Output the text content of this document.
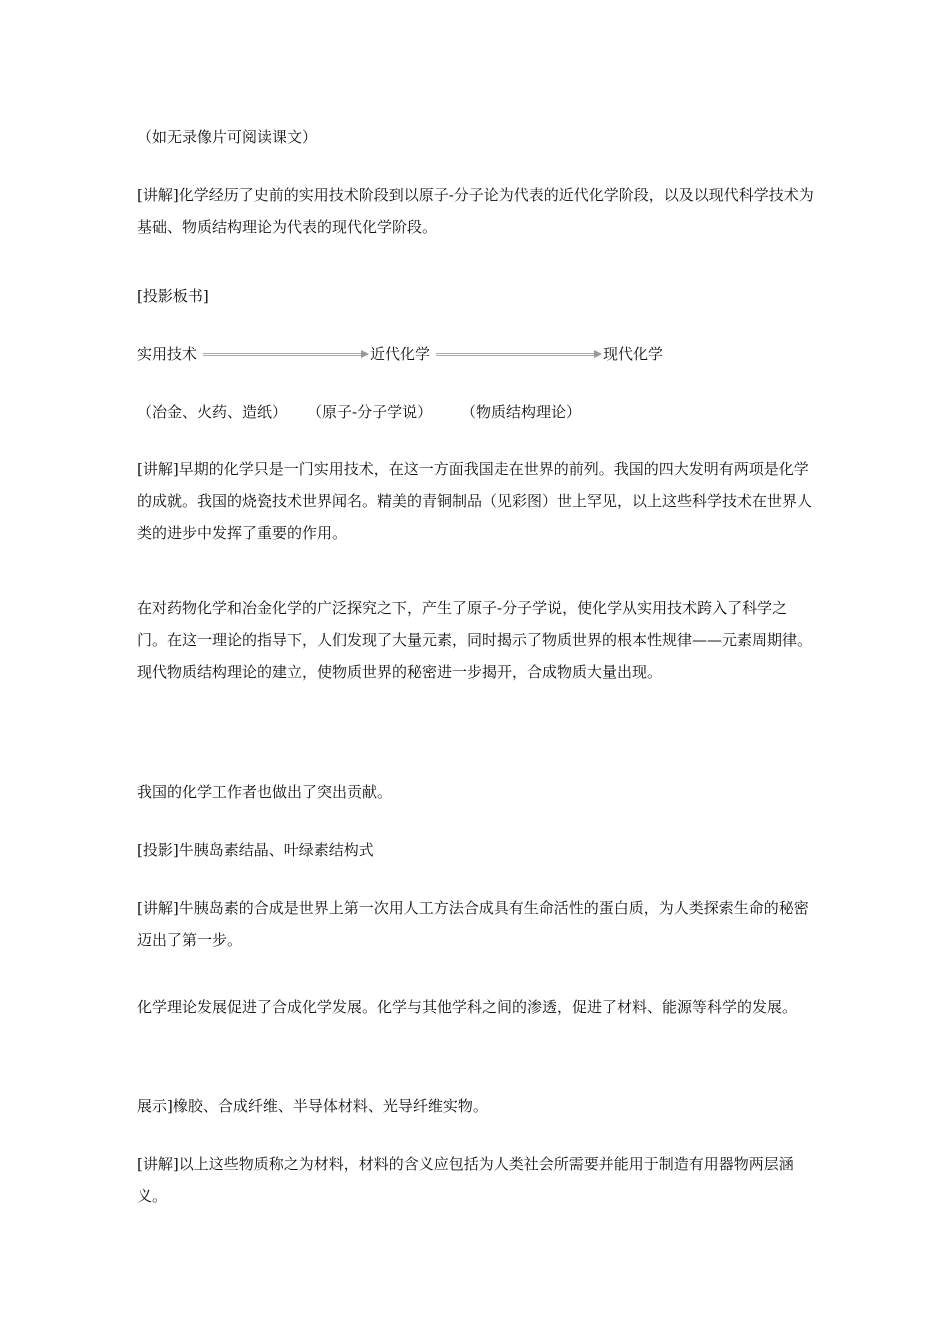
（如无录像片可阅读课文）

[讲解]化学经历了史前的实用技术阶段到以原子-分子论为代表的近代化学阶段，以及以现代科学技术为基础、物质结构理论为代表的现代化学阶段。

[投影板书]

实用技术	近代化学	现代化学
（冶金、火药、造纸） （原子-分子学说） （物质结构理论）

[讲解]早期的化学只是一门实用技术，在这一方面我国走在世界的前列。我国的四大发明有两项是化学的成就。我国的烧瓷技术世界闻名。精美的青铜制品（见彩图）世上罕见，以上这些科学技术在世界人类的进步中发挥了重要的作用。

在对药物化学和冶金化学的广泛探究之下，产生了原子-分子学说，使化学从实用技术跨入了科学之门。在这一理论的指导下，人们发现了大量元素，同时揭示了物质世界的根本性规律——元素周期律。现代物质结构理论的建立，使物质世界的秘密进一步揭开，合成物质大量出现。

我国的化学工作者也做出了突出贡献。

[投影]牛胰岛素结晶、叶绿素结构式

[讲解]牛胰岛素的合成是世界上第一次用人工方法合成具有生命活性的蛋白质，为人类探索生命的秘密迈出了第一步。

化学理论发展促进了合成化学发展。化学与其他学科之间的渗透，促进了材料、能源等科学的发展。

展示]橡胶、合成纤维、半导体材料、光导纤维实物。

[讲解]以上这些物质称之为材料，材料的含义应包括为人类社会所需要并能用于制造有用器物两层涵义。
